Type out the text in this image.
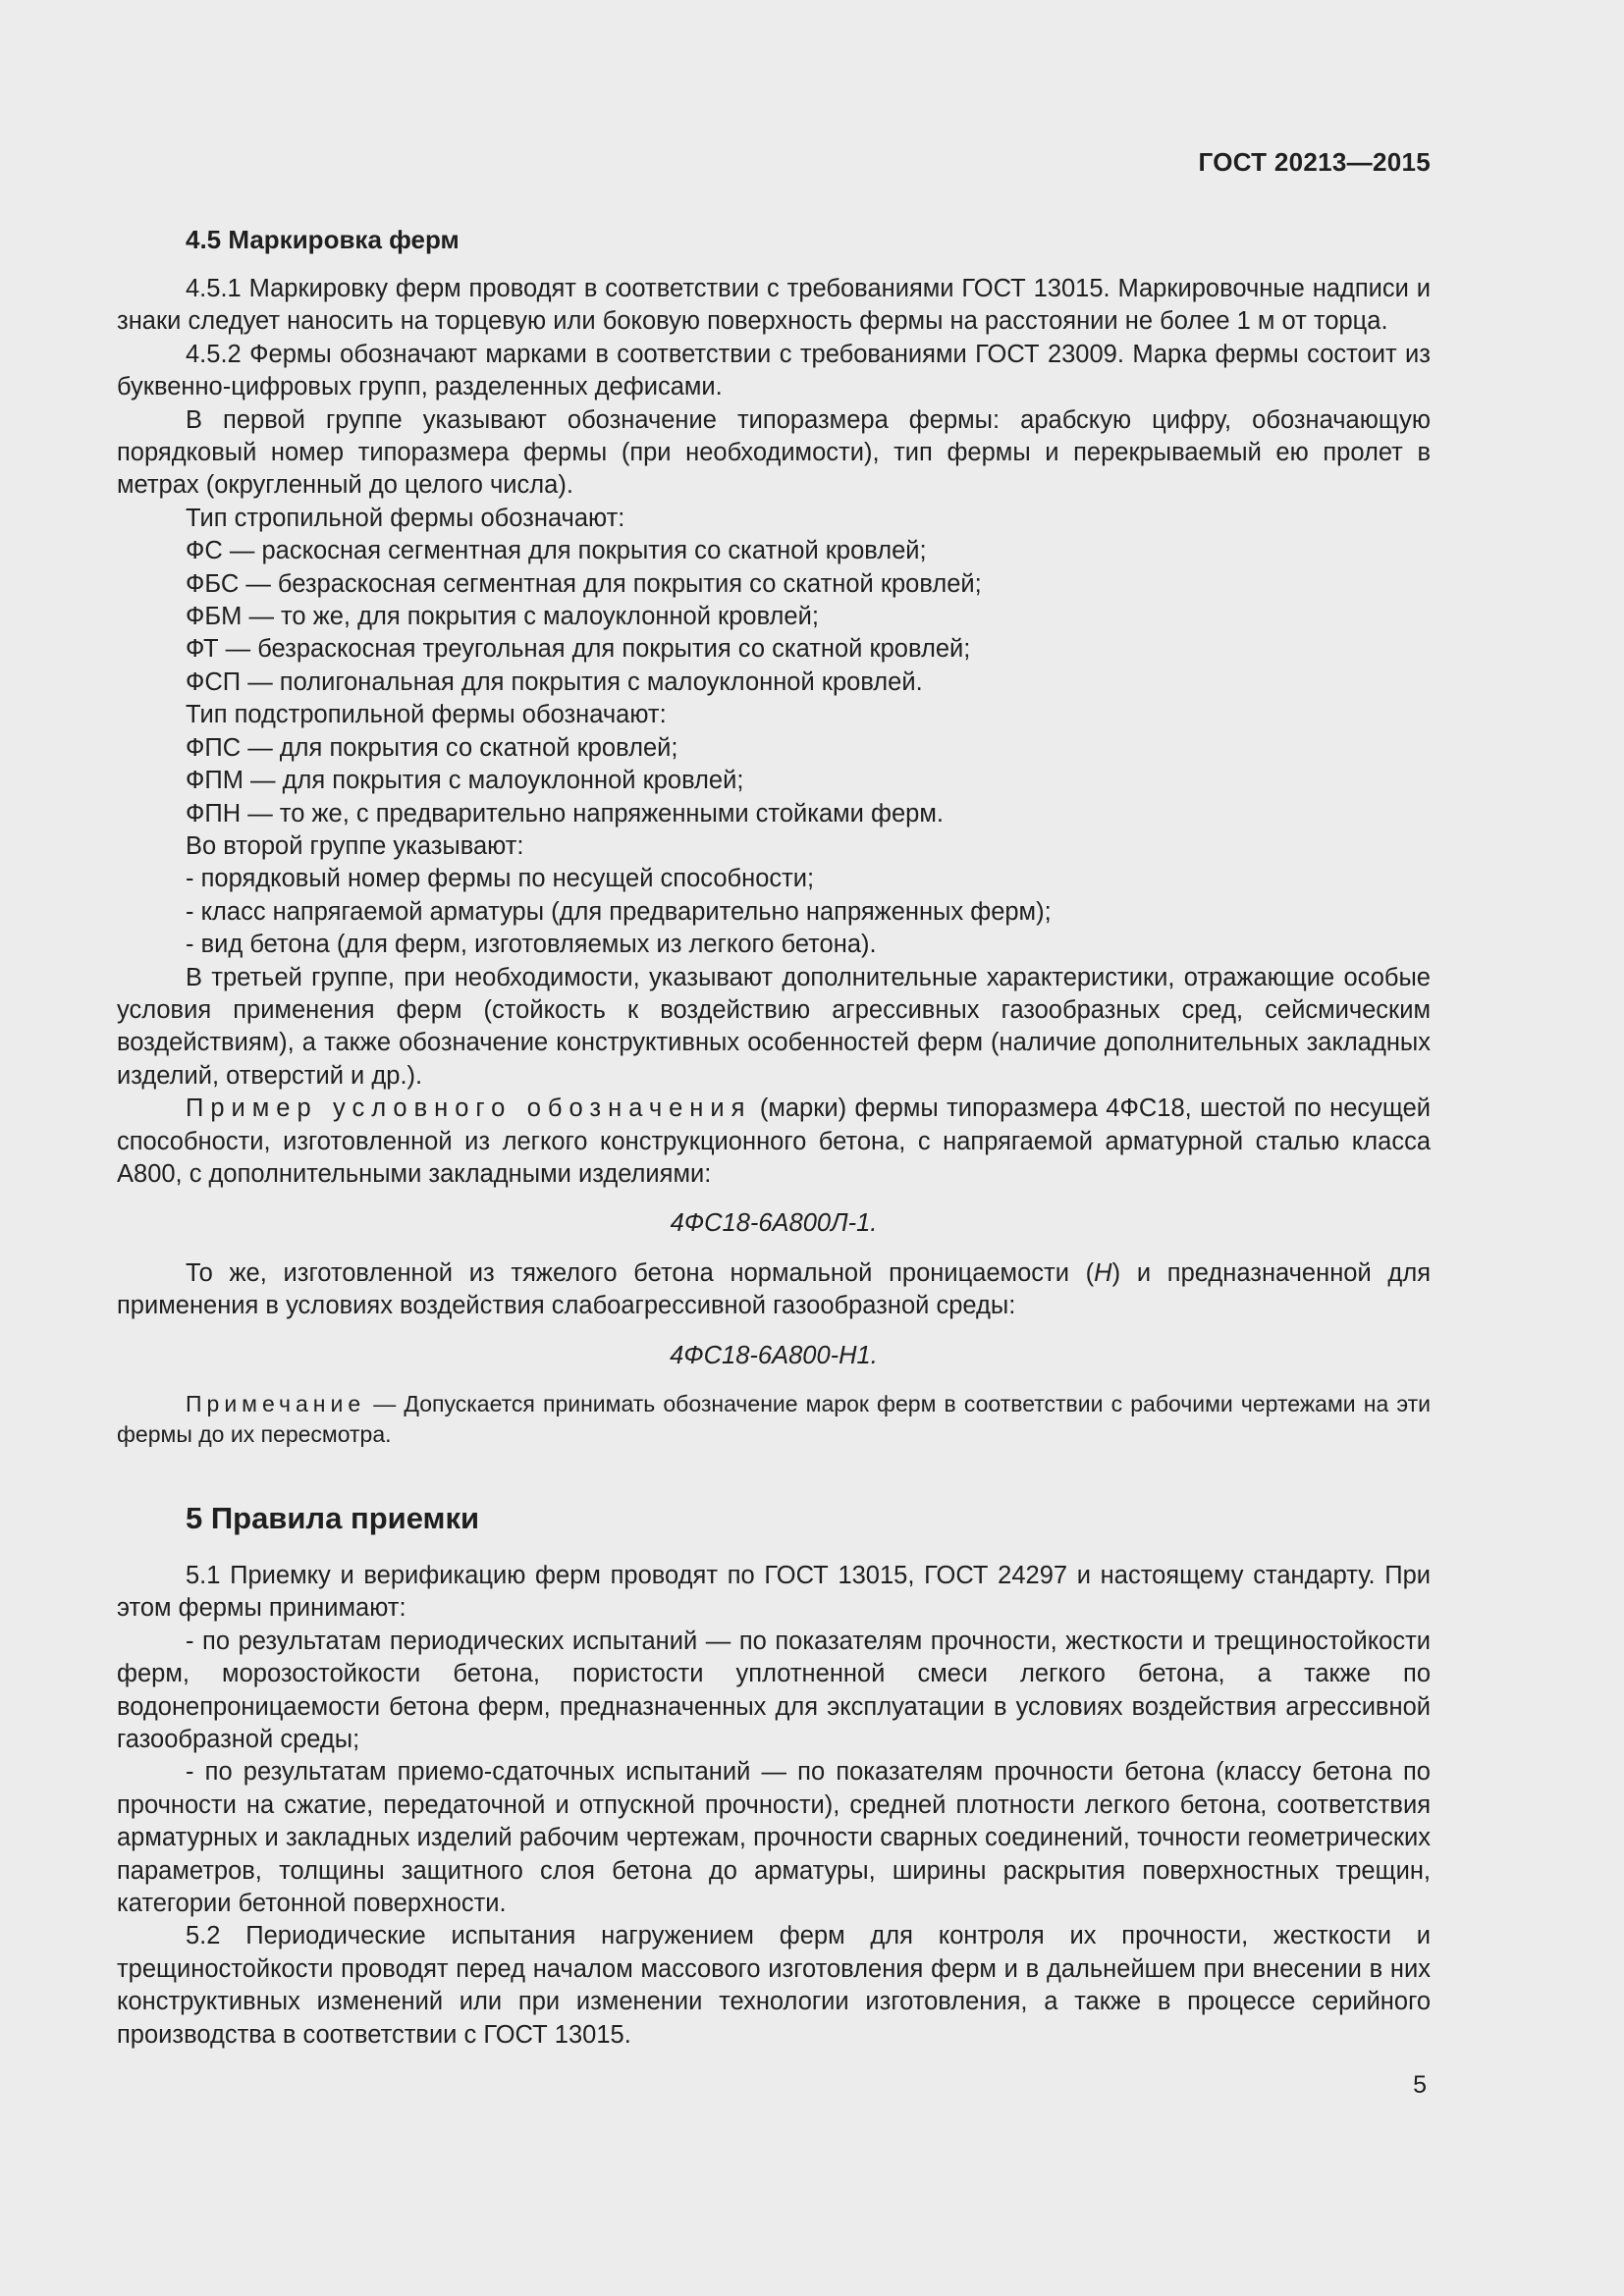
ГОСТ 20213—2015
4.5 Маркировка ферм

4.5.1 Маркировку ферм проводят в соответствии с требованиями ГОСТ 13015. Маркировочные надписи и знаки следует наносить на торцевую или боковую поверхность фермы на расстоянии не более 1 м от торца.

4.5.2 Фермы обозначают марками в соответствии с требованиями ГОСТ 23009. Марка фермы состоит из буквенно-цифровых групп, разделенных дефисами.

В первой группе указывают обозначение типоразмера фермы: арабскую цифру, обозначающую порядковый номер типоразмера фермы (при необходимости), тип фермы и перекрываемый ею пролет в метрах (округленный до целого числа).

Тип стропильной фермы обозначают:
ФС — раскосная сегментная для покрытия со скатной кровлей;
ФБС — безраскосная сегментная для покрытия со скатной кровлей;
ФБМ — то же, для покрытия с малоуклонной кровлей;
ФТ — безраскосная треугольная для покрытия со скатной кровлей;
ФСП — полигональная для покрытия с малоуклонной кровлей.
Тип подстропильной фермы обозначают:
ФПС — для покрытия со скатной кровлей;
ФПМ — для покрытия с малоуклонной кровлей;
ФПН — то же, с предварительно напряженными стойками ферм.
Во второй группе указывают:
- порядковый номер фермы по несущей способности;
- класс напрягаемой арматуры (для предварительно напряженных ферм);
- вид бетона (для ферм, изготовляемых из легкого бетона).

В третьей группе, при необходимости, указывают дополнительные характеристики, отражающие особые условия применения ферм (стойкость к воздействию агрессивных газообразных сред, сейсмическим воздействиям), а также обозначение конструктивных особенностей ферм (наличие дополнительных закладных изделий, отверстий и др.).

Пример условного обозначения (марки) фермы типоразмера 4ФС18, шестой по несущей способности, изготовленной из легкого конструкционного бетона, с напрягаемой арматурной сталью класса А800, с дополнительными закладными изделиями:

4ФС18-6А800Л-1.

То же, изготовленной из тяжелого бетона нормальной проницаемости (Н) и предназначенной для применения в условиях воздействия слабоагрессивной газообразной среды:

4ФС18-6А800-Н1.

Примечание — Допускается принимать обозначение марок ферм в соответствии с рабочими чертежами на эти фермы до их пересмотра.

5 Правила приемки

5.1 Приемку и верификацию ферм проводят по ГОСТ 13015, ГОСТ 24297 и настоящему стандарту. При этом фермы принимают:

- по результатам периодических испытаний — по показателям прочности, жесткости и трещиностойкости ферм, морозостойкости бетона, пористости уплотненной смеси легкого бетона, а также по водонепроницаемости бетона ферм, предназначенных для эксплуатации в условиях воздействия агрессивной газообразной среды;

- по результатам приемо-сдаточных испытаний — по показателям прочности бетона (классу бетона по прочности на сжатие, передаточной и отпускной прочности), средней плотности легкого бетона, соответствия арматурных и закладных изделий рабочим чертежам, прочности сварных соединений, точности геометрических параметров, толщины защитного слоя бетона до арматуры, ширины раскрытия поверхностных трещин, категории бетонной поверхности.

5.2 Периодические испытания нагружением ферм для контроля их прочности, жесткости и трещиностойкости проводят перед началом массового изготовления ферм и в дальнейшем при внесении в них конструктивных изменений или при изменении технологии изготовления, а также в процессе серийного производства в соответствии с ГОСТ 13015.

5
